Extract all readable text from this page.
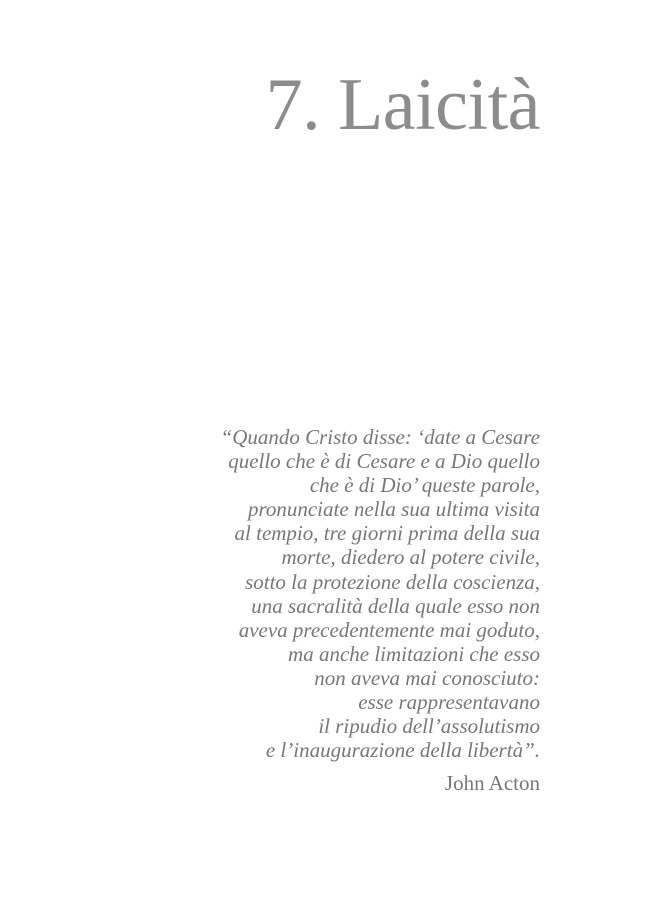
7. Laicità
“Quando Cristo disse: ‘date a Cesare
quello che è di Cesare e a Dio quello
che è di Dio’ queste parole,
pronunciate nella sua ultima visita
al tempio, tre giorni prima della sua
morte, diedero al potere civile,
sotto la protezione della coscienza,
una sacralità della quale esso non
aveva precedentemente mai goduto,
ma anche limitazioni che esso
non aveva mai conosciuto:
esse rappresentavano
il ripudio dell’assolutismo
e l’inaugurazione della libertà”.
John Acton
